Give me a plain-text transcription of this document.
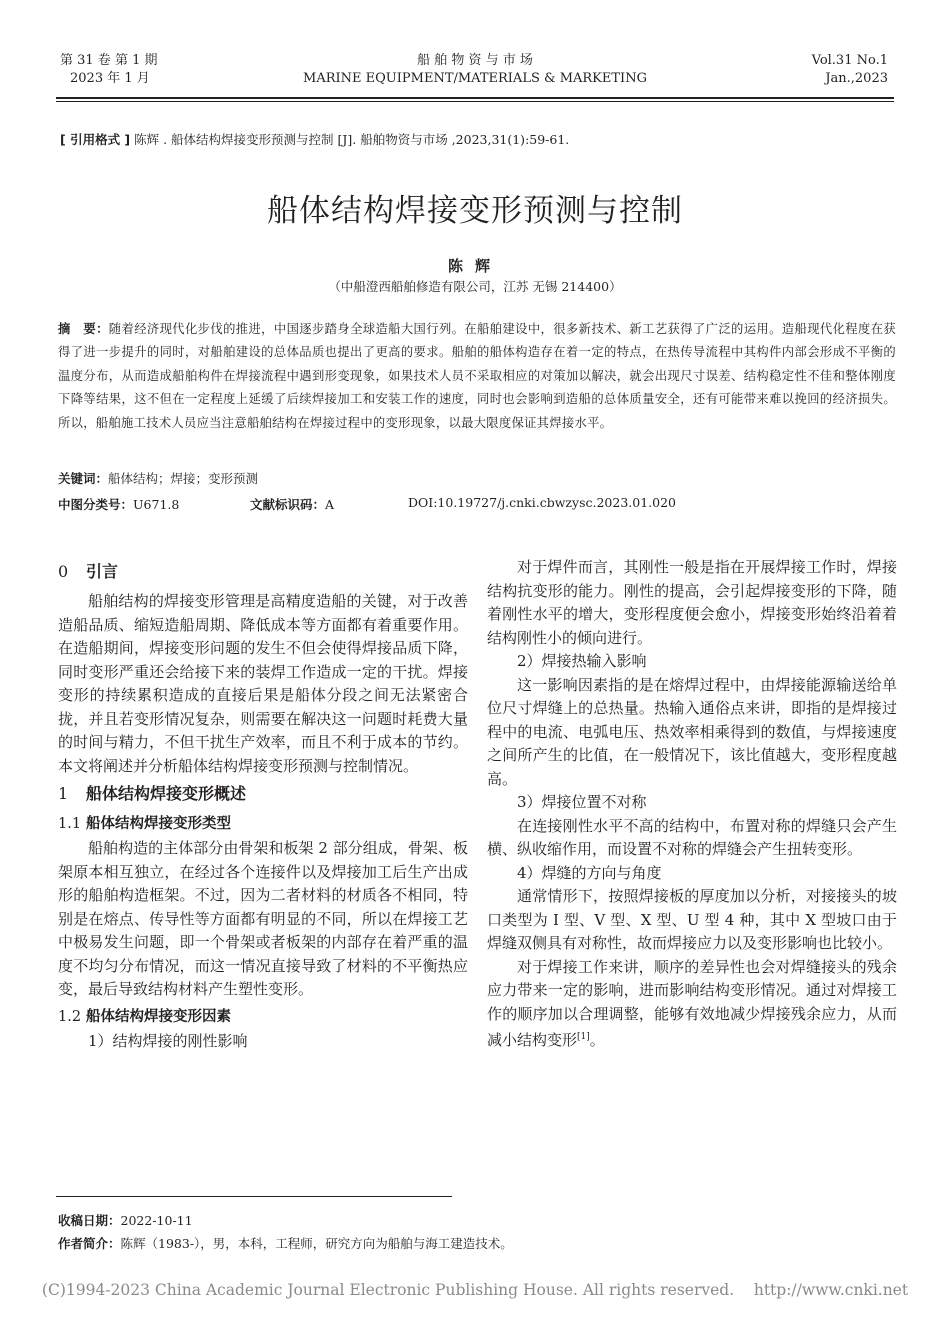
第 31 卷 第 1 期
2023 年 1 月
船 舶 物 资 与 市 场
MARINE EQUIPMENT/MATERIALS & MARKETING
Vol.31 No.1
Jan.,2023
[ 引用格式 ] 陈辉 . 船体结构焊接变形预测与控制 [J]. 船舶物资与市场 ,2023,31(1):59-61.
船体结构焊接变形预测与控制
陈辉
（中船澄西船舶修造有限公司，江苏 无锡 214400）
摘　要：随着经济现代化步伐的推进，中国逐步踏身全球造船大国行列。在船舶建设中，很多新技术、新工艺获得了广泛的运用。造船现代化程度在获得了进一步提升的同时，对船舶建设的总体品质也提出了更高的要求。船舶的船体构造存在着一定的特点，在热传导流程中其构件内部会形成不平衡的温度分布，从而造成船舶构件在焊接流程中遇到形变现象，如果技术人员不采取相应的对策加以解决，就会出现尺寸误差、结构稳定性不佳和整体刚度下降等结果，这不但在一定程度上延缓了后续焊接加工和安装工作的速度，同时也会影响到造船的总体质量安全，还有可能带来难以挽回的经济损失。所以，船舶施工技术人员应当注意船舶结构在焊接过程中的变形现象，以最大限度保证其焊接水平。
关键词：船体结构；焊接；变形预测
中图分类号：U671.8	文献标识码：A	DOI:10.19727/j.cnki.cbwzysc.2023.01.020
0 引言

船舶结构的焊接变形管理是高精度造船的关键，对于改善造船品质、缩短造船周期、降低成本等方面都有着重要作用。在造船期间，焊接变形问题的发生不但会使得焊接品质下降，同时变形严重还会给接下来的装焊工作造成一定的干扰。焊接变形的持续累积造成的直接后果是船体分段之间无法紧密合拢，并且若变形情况复杂，则需要在解决这一问题时耗费大量的时间与精力，不但干扰生产效率，而且不利于成本的节约。本文将阐述并分析船体结构焊接变形预测与控制情况。

1 船体结构焊接变形概述
1.1 船体结构焊接变形类型

船舶构造的主体部分由骨架和板架 2 部分组成，骨架、板架原本相互独立，在经过各个连接件以及焊接加工后生产出成形的船舶构造框架。不过，因为二者材料的材质各不相同，特别是在熔点、传导性等方面都有明显的不同，所以在焊接工艺中极易发生问题，即一个骨架或者板架的内部存在着严重的温度不均匀分布情况，而这一情况直接导致了材料的不平衡热应变，最后导致结构材料产生塑性变形。

1.2 船体结构焊接变形因素

1）结构焊接的刚性影响

对于焊件而言，其刚性一般是指在开展焊接工作时，焊接结构抗变形的能力。刚性的提高，会引起焊接变形的下降，随着刚性水平的增大，变形程度便会愈小，焊接变形始终沿着着结构刚性小的倾向进行。

2）焊接热输入影响

这一影响因素指的是在熔焊过程中，由焊接能源输送给单位尺寸焊缝上的总热量。热输入通俗点来讲，即指的是焊接过程中的电流、电弧电压、热效率相乘得到的数值，与焊接速度之间所产生的比值，在一般情况下，该比值越大，变形程度越高。

3）焊接位置不对称

在连接刚性水平不高的结构中，布置对称的焊缝只会产生横、纵收缩作用，而设置不对称的焊缝会产生扭转变形。

4）焊缝的方向与角度

通常情形下，按照焊接板的厚度加以分析，对接接头的坡口类型为 I 型、V 型、X 型、U 型 4 种，其中 X 型坡口由于焊缝双侧具有对称性，故而焊接应力以及变形影响也比较小。

对于焊接工作来讲，顺序的差异性也会对焊缝接头的残余应力带来一定的影响，进而影响结构变形情况。通过对焊接工作的顺序加以合理调整，能够有效地减少焊接残余应力，从而减小结构变形[1]。

收稿日期：2022-10-11
作者简介：陈辉（1983-），男，本科，工程师，研究方向为船舶与海工建造技术。
(C)1994-2023 China Academic Journal Electronic Publishing House. All rights reserved.    http://www.cnki.net
